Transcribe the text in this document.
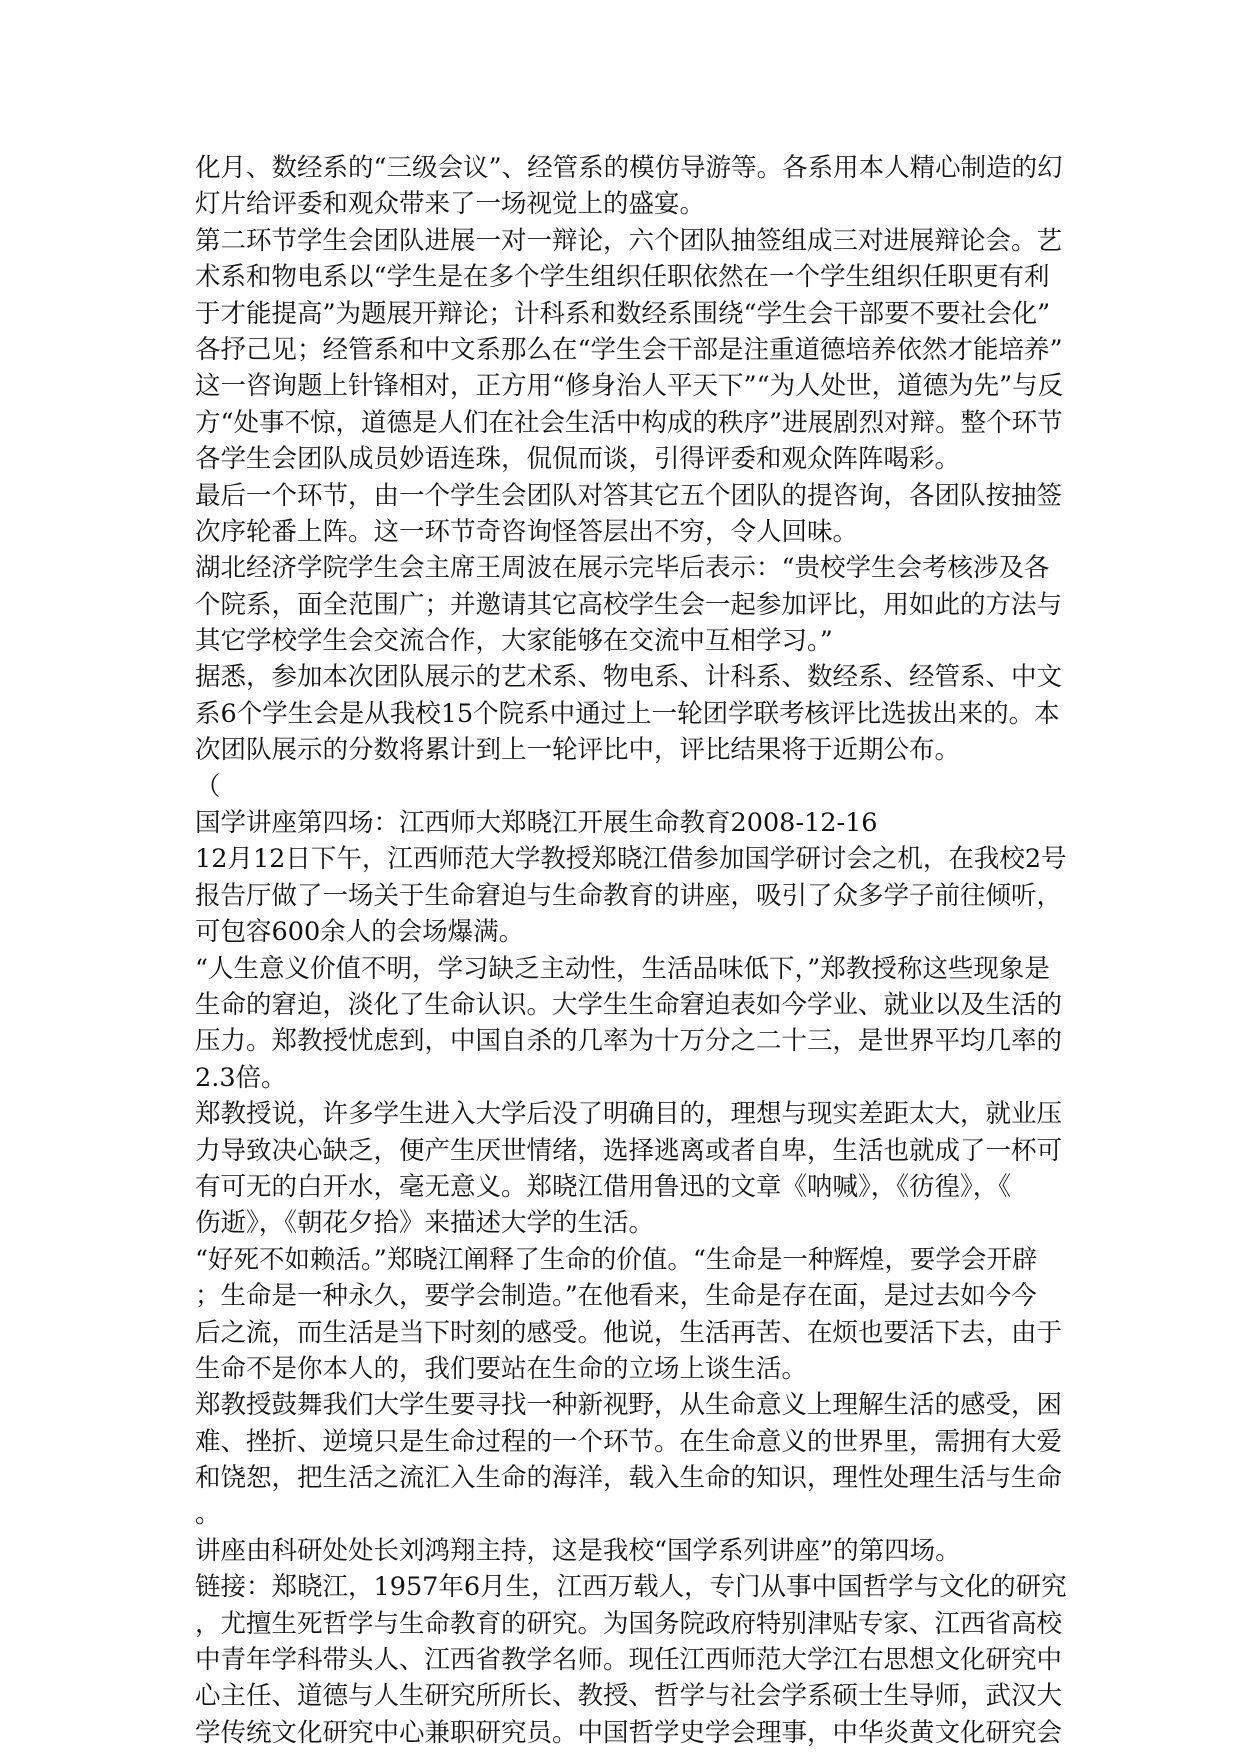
化月、数经系的“三级会议”、经管系的模仿导游等。各系用本人精心制造的幻
灯片给评委和观众带来了一场视觉上的盛宴。
第二环节学生会团队进展一对一辩论，六个团队抽签组成三对进展辩论会。艺
术系和物电系以“学生是在多个学生组织任职依然在一个学生组织任职更有利
于才能提高”为题展开辩论；计科系和数经系围绕“学生会干部要不要社会化”
各抒己见；经管系和中文系那么在“学生会干部是注重道德培养依然才能培养”
这一咨询题上针锋相对，正方用“修身治人平天下”“为人处世，道德为先”与反
方“处事不惊，道德是人们在社会生活中构成的秩序”进展剧烈对辩。整个环节
各学生会团队成员妙语连珠，侃侃而谈，引得评委和观众阵阵喝彩。
最后一个环节，由一个学生会团队对答其它五个团队的提咨询，各团队按抽签
次序轮番上阵。这一环节奇咨询怪答层出不穷，令人回味。
湖北经济学院学生会主席王周波在展示完毕后表示：“贵校学生会考核涉及各
个院系，面全范围广；并邀请其它高校学生会一起参加评比，用如此的方法与
其它学校学生会交流合作，大家能够在交流中互相学习。”
据悉，参加本次团队展示的艺术系、物电系、计科系、数经系、经管系、中文
系6个学生会是从我校15个院系中通过上一轮团学联考核评比选拔出来的。本
次团队展示的分数将累计到上一轮评比中，评比结果将于近期公布。
（
国学讲座第四场：江西师大郑晓江开展生命教育2008-12-16
12月12日下午，江西师范大学教授郑晓江借参加国学研讨会之机，在我校2号
报告厅做了一场关于生命窘迫与生命教育的讲座，吸引了众多学子前往倾听，
可包容600余人的会场爆满。
“人生意义价值不明，学习缺乏主动性，生活品味低下，”郑教授称这些现象是
生命的窘迫，淡化了生命认识。大学生生命窘迫表如今学业、就业以及生活的
压力。郑教授忧虑到，中国自杀的几率为十万分之二十三，是世界平均几率的
2.3倍。
郑教授说，许多学生进入大学后没了明确目的，理想与现实差距太大，就业压
力导致决心缺乏，便产生厌世情绪，选择逃离或者自卑，生活也就成了一杯可
有可无的白开水，毫无意义。郑晓江借用鲁迅的文章《呐喊》，《彷徨》，《
伤逝》，《朝花夕拾》来描述大学的生活。
“好死不如赖活。”郑晓江阐释了生命的价值。“生命是一种辉煌，要学会开辟
；生命是一种永久，要学会制造。”在他看来，生命是存在面，是过去如今今
后之流，而生活是当下时刻的感受。他说，生活再苦、在烦也要活下去，由于
生命不是你本人的，我们要站在生命的立场上谈生活。
郑教授鼓舞我们大学生要寻找一种新视野，从生命意义上理解生活的感受，困
难、挫折、逆境只是生命过程的一个环节。在生命意义的世界里，需拥有大爱
和饶恕，把生活之流汇入生命的海洋，载入生命的知识，理性处理生活与生命
。
讲座由科研处处长刘鸿翔主持，这是我校“国学系列讲座”的第四场。
链接：郑晓江，1957年6月生，江西万载人，专门从事中国哲学与文化的研究
，尤擅生死哲学与生命教育的研究。为国务院政府特别津贴专家、江西省高校
中青年学科带头人、江西省教学名师。现任江西师范大学江右思想文化研究中
心主任、道德与人生研究所所长、教授、哲学与社会学系硕士生导师，武汉大
学传统文化研究中心兼职研究员。中国哲学史学会理事，中华炎黄文化研究会
